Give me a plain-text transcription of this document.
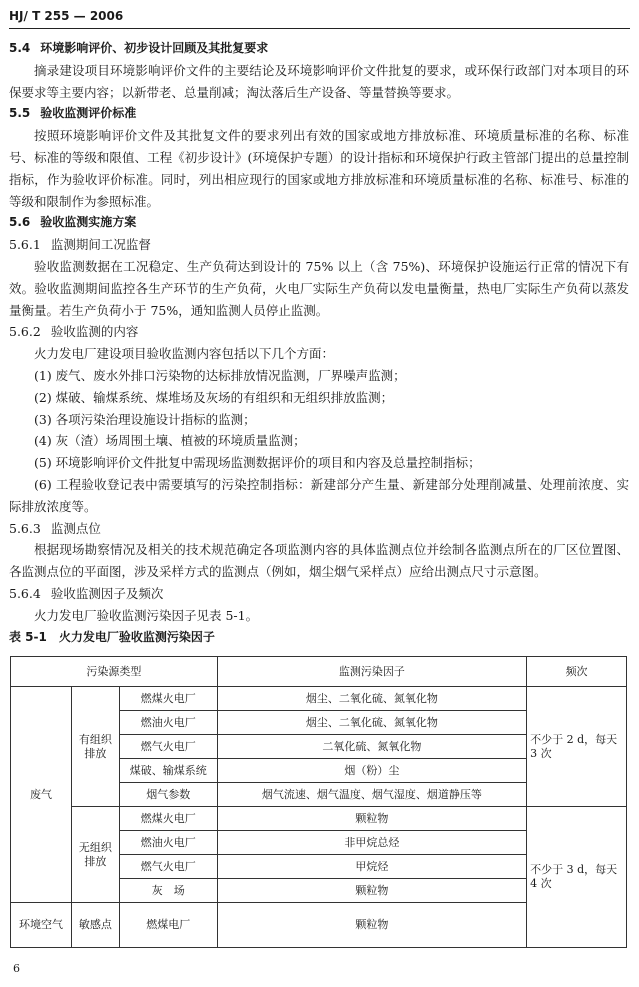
HJ/ T 255 — 2006

5.4 环境影响评价、初步设计回顾及其批复要求

摘录建设项目环境影响评价文件的主要结论及环境影响评价文件批复的要求，或环保行政部门对本项目的环保要求等主要内容；以新带老、总量削减；淘汰落后生产设备、等量替换等要求。

5.5 验收监测评价标准

按照环境影响评价文件及其批复文件的要求列出有效的国家或地方排放标准、环境质量标准的名称、标准号、标准的等级和限值、工程《初步设计》(环境保护专题）的设计指标和环境保护行政主管部门提出的总量控制指标，作为验收评价标准。同时，列出相应现行的国家或地方排放标准和环境质量标准的名称、标准号、标准的等级和限制作为参照标准。

5.6 验收监测实施方案

5.6.1 监测期间工况监督

验收监测数据在工况稳定、生产负荷达到设计的 75% 以上（含 75%)、环境保护设施运行正常的情况下有效。验收监测期间监控各生产环节的生产负荷，火电厂实际生产负荷以发电量衡量，热电厂实际生产负荷以蒸发量衡量。若生产负荷小于 75%，通知监测人员停止监测。

5.6.2 验收监测的内容

火力发电厂建设项目验收监测内容包括以下几个方面：

(1) 废气、废水外排口污染物的达标排放情况监测，厂界噪声监测；

(2) 煤破、输煤系统、煤堆场及灰场的有组织和无组织排放监测；

(3) 各项污染治理设施设计指标的监测；

(4) 灰（渣）场周围土壤、植被的环境质量监测；

(5) 环境影响评价文件批复中需现场监测数据评价的项目和内容及总量控制指标；

(6) 工程验收登记表中需要填写的污染控制指标：新建部分产生量、新建部分处理削减量、处理前浓度、实际排放浓度等。

5.6.3 监测点位

根据现场勘察情况及相关的技术规范确定各项监测内容的具体监测点位并绘制各监测点所在的厂区位置图、各监测点位的平面图，涉及采样方式的监测点（例如，烟尘烟气采样点）应给出测点尺寸示意图。

5.6.4 验收监测因子及频次

火力发电厂验收监测污染因子见表 5-1。

表 5-1　火力发电厂验收监测污染因子

污染源类型			监测污染因子	频次
废气	有组织排放	燃煤火电厂	烟尘、二氧化硫、氮氧化物	不少于 2 d，每天 3 次
		燃油火电厂	烟尘、二氧化硫、氮氧化物	
		燃气火电厂	二氧化硫、氮氧化物	
		煤破、输煤系统	烟（粉）尘	
		烟气参数	烟气流速、烟气温度、烟气湿度、烟道静压等	
	无组织排放	燃煤火电厂	颗粒物	不少于 3 d，每天 4 次
		燃油火电厂	非甲烷总烃	
		燃气火电厂	甲烷烃	
		灰　场	颗粒物	
环境空气	敏感点	燃煤电厂	颗粒物	
6
